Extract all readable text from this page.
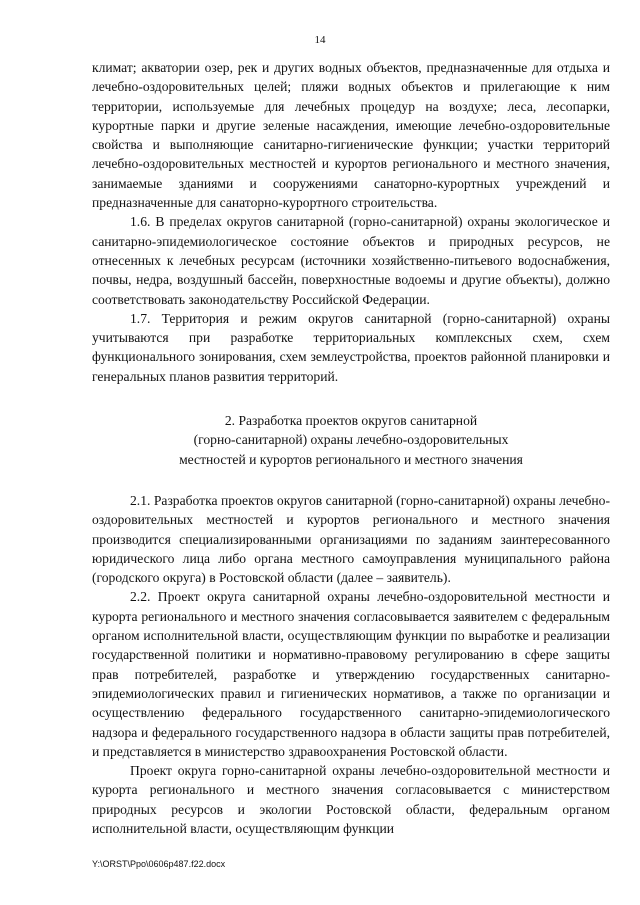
14

климат; акватории озер, рек и других водных объектов, предназначенные для отдыха и лечебно-оздоровительных целей; пляжи водных объектов и прилегающие к ним территории, используемые для лечебных процедур на воздухе; леса, лесопарки, курортные парки и другие зеленые насаждения, имеющие лечебно-оздоровительные свойства и выполняющие санитарно-гигиенические функции; участки территорий лечебно-оздоровительных местностей и курортов регионального и местного значения, занимаемые зданиями и сооружениями санаторно-курортных учреждений и предназначенные для санаторно-курортного строительства.

1.6. В пределах округов санитарной (горно-санитарной) охраны экологическое и санитарно-эпидемиологическое состояние объектов и природных ресурсов, не отнесенных к лечебных ресурсам (источники хозяйственно-питьевого водоснабжения, почвы, недра, воздушный бассейн, поверхностные водоемы и другие объекты), должно соответствовать законодательству Российской Федерации.

1.7. Территория и режим округов санитарной (горно-санитарной) охраны учитываются при разработке территориальных комплексных схем, схем функционального зонирования, схем землеустройства, проектов районной планировки и генеральных планов развития территорий.

2. Разработка проектов округов санитарной
(горно-санитарной) охраны лечебно-оздоровительных
местностей и курортов регионального и местного значения

2.1. Разработка проектов округов санитарной (горно-санитарной) охраны лечебно-оздоровительных местностей и курортов регионального и местного значения производится специализированными организациями по заданиям заинтересованного юридического лица либо органа местного самоуправления муниципального района (городского округа) в Ростовской области (далее – заявитель).

2.2. Проект округа санитарной охраны лечебно-оздоровительной местности и курорта регионального и местного значения согласовывается заявителем с федеральным органом исполнительной власти, осуществляющим функции по выработке и реализации государственной политики и нормативно-правовому регулированию в сфере защиты прав потребителей, разработке и утверждению государственных санитарно-эпидемиологических правил и гигиенических нормативов, а также по организации и осуществлению федерального государственного санитарно-эпидемиологического надзора и федерального государственного надзора в области защиты прав потребителей, и представляется в министерство здравоохранения Ростовской области.

Проект округа горно-санитарной охраны лечебно-оздоровительной местности и курорта регионального и местного значения согласовывается с министерством природных ресурсов и экологии Ростовской области, федеральным органом исполнительной власти, осуществляющим функции

Y:\ORST\Ppo\0606p487.f22.docx
